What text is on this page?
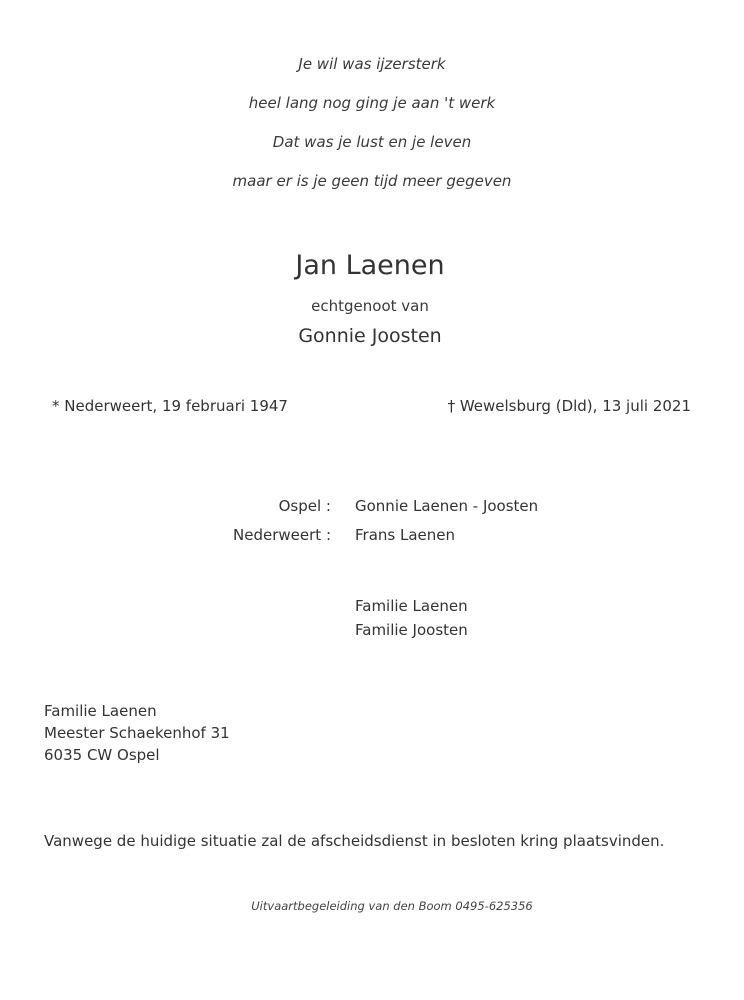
Je wil was ijzersterk
heel lang nog ging je aan 't werk
Dat was je lust en je leven
maar er is je geen tijd meer gegeven
Jan Laenen
echtgenoot van
Gonnie Joosten
* Nederweert, 19 februari 1947	† Wewelsburg (Dld), 13 juli 2021
Ospel : Gonnie Laenen - Joosten
Nederweert : Frans Laenen
Familie Laenen
Familie Joosten
Familie Laenen
Meester Schaekenhof 31
6035 CW Ospel
Vanwege de huidige situatie zal de afscheidsdienst in besloten kring plaatsvinden.
Uitvaartbegeleiding van den Boom 0495-625356
